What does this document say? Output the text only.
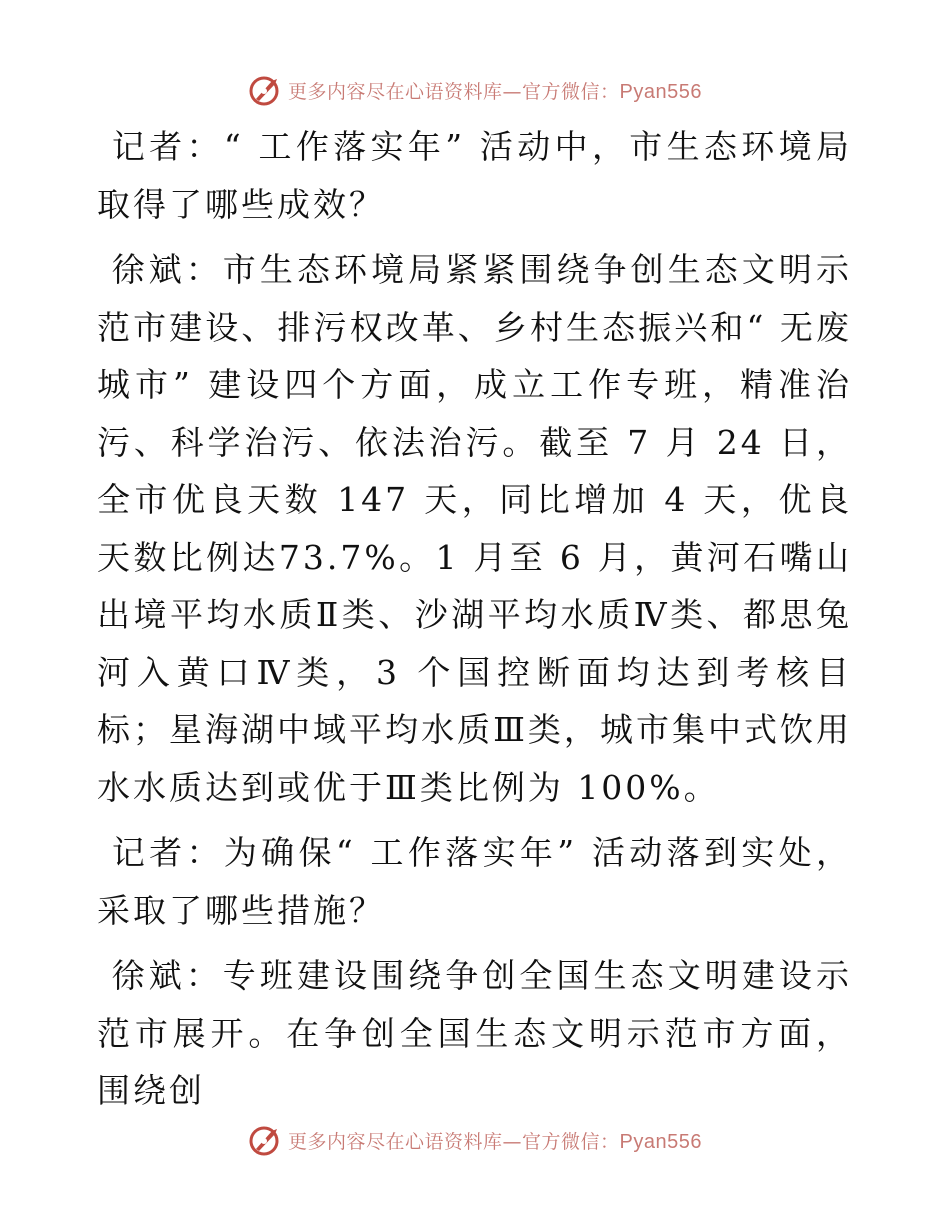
更多内容尽在心语资料库—官方微信：Pyan556

记者：“ 工作落实年” 活动中，市生态环境局取得了哪些成效？

徐斌：市生态环境局紧紧围绕争创生态文明示范市建设、排污权改革、乡村生态振兴和“ 无废城市” 建设四个方面，成立工作专班，精准治污、科学治污、依法治污。截至 7 月 24 日，全市优良天数 147 天，同比增加 4 天，优良天数比例达73.7%。1 月至 6 月，黄河石嘴山出境平均水质Ⅱ类、沙湖平均水质Ⅳ类、都思兔河入黄口Ⅳ类，3 个国控断面均达到考核目标；星海湖中域平均水质Ⅲ类，城市集中式饮用水水质达到或优于Ⅲ类比例为 100%。

记者：为确保“ 工作落实年” 活动落到实处，采取了哪些措施？

徐斌：专班建设围绕争创全国生态文明建设示范市展开。在争创全国生态文明示范市方面，围绕创

更多内容尽在心语资料库—官方微信：Pyan556
